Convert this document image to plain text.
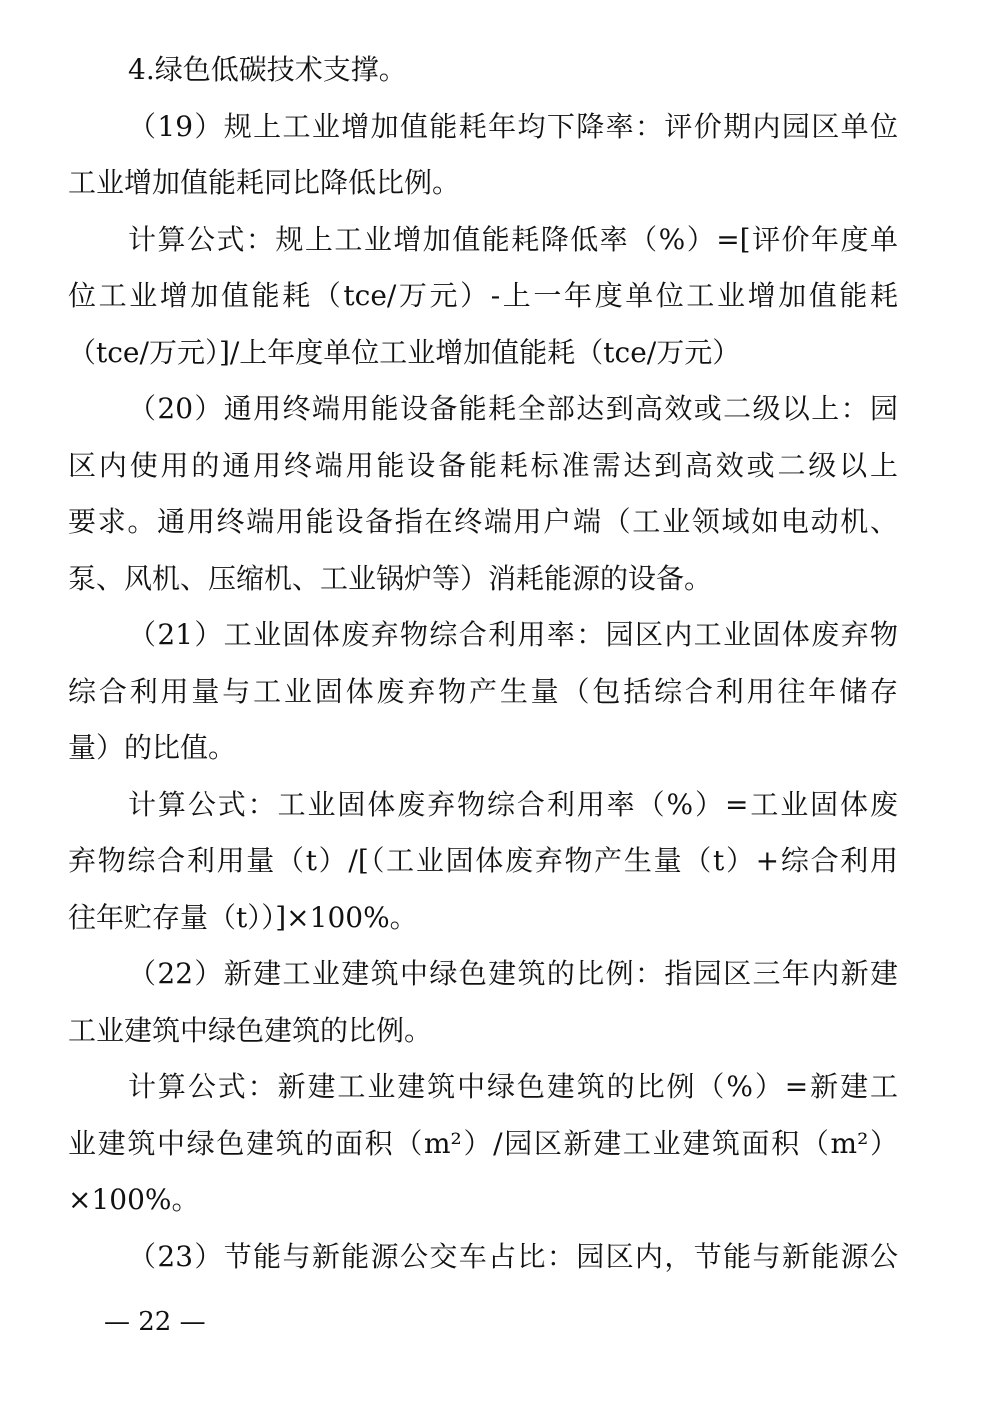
4.绿色低碳技术支撑。
（19）规上工业增加值能耗年均下降率：评价期内园区单位
工业增加值能耗同比降低比例。
计算公式：规上工业增加值能耗降低率（%）=[评价年度单
位工业增加值能耗（tce/万元）-上一年度单位工业增加值能耗
（tce/万元）]/上年度单位工业增加值能耗（tce/万元）
（20）通用终端用能设备能耗全部达到高效或二级以上：园
区内使用的通用终端用能设备能耗标准需达到高效或二级以上
要求。通用终端用能设备指在终端用户端（工业领域如电动机、
泵、风机、压缩机、工业锅炉等）消耗能源的设备。
（21）工业固体废弃物综合利用率：园区内工业固体废弃物
综合利用量与工业固体废弃物产生量（包括综合利用往年储存
量）的比值。
计算公式：工业固体废弃物综合利用率（%）=工业固体废
弃物综合利用量（t）/[（工业固体废弃物产生量（t）+综合利用
往年贮存量（t））]×100%。
（22）新建工业建筑中绿色建筑的比例：指园区三年内新建
工业建筑中绿色建筑的比例。
计算公式：新建工业建筑中绿色建筑的比例（%）=新建工
业建筑中绿色建筑的面积（m²）/园区新建工业建筑面积（m²）
×100%。
（23）节能与新能源公交车占比：园区内，节能与新能源公
— 22 —
